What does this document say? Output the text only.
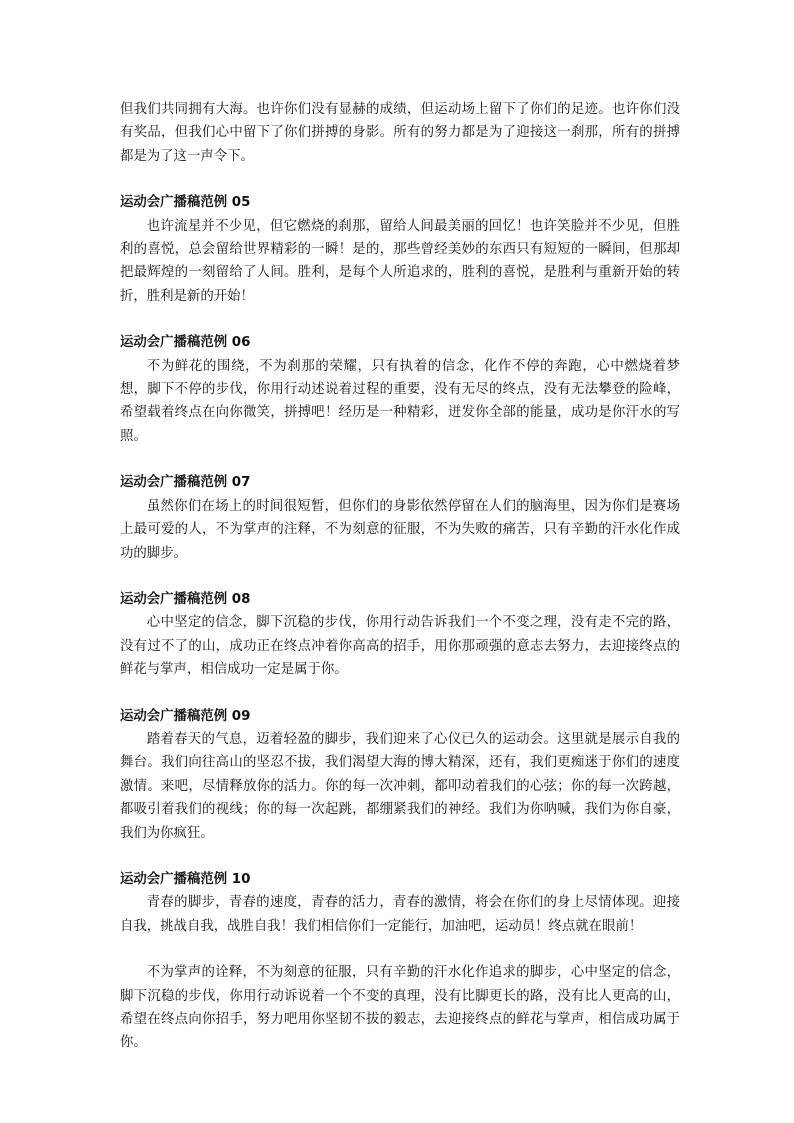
但我们共同拥有大海。也许你们没有显赫的成绩，但运动场上留下了你们的足迹。也许你们没有奖品，但我们心中留下了你们拼搏的身影。所有的努力都是为了迎接这一刹那，所有的拼搏都是为了这一声令下。

运动会广播稿范例 05

也许流星并不少见，但它燃烧的刹那，留给人间最美丽的回忆！也许笑脸并不少见，但胜利的喜悦，总会留给世界精彩的一瞬！是的，那些曾经美妙的东西只有短短的一瞬间，但那却把最辉煌的一刻留给了人间。胜利，是每个人所追求的，胜利的喜悦，是胜利与重新开始的转折，胜利是新的开始！

运动会广播稿范例 06

不为鲜花的围绕，不为刹那的荣耀，只有执着的信念，化作不停的奔跑，心中燃烧着梦想，脚下不停的步伐，你用行动述说着过程的重要，没有无尽的终点，没有无法攀登的险峰，希望载着终点在向你微笑，拼搏吧！经历是一种精彩，迸发你全部的能量，成功是你汗水的写照。

运动会广播稿范例 07

虽然你们在场上的时间很短暂，但你们的身影依然停留在人们的脑海里，因为你们是赛场上最可爱的人，不为掌声的注释，不为刻意的征服，不为失败的痛苦，只有辛勤的汗水化作成功的脚步。

运动会广播稿范例 08

心中坚定的信念，脚下沉稳的步伐，你用行动告诉我们一个不变之理，没有走不完的路，没有过不了的山，成功正在终点冲着你高高的招手，用你那顽强的意志去努力，去迎接终点的鲜花与掌声，相信成功一定是属于你。

运动会广播稿范例 09

踏着春天的气息，迈着轻盈的脚步，我们迎来了心仪已久的运动会。这里就是展示自我的舞台。我们向往高山的坚忍不拔，我们渴望大海的博大精深，还有，我们更痴迷于你们的速度激情。来吧，尽情释放你的活力。你的每一次冲刺，都叩动着我们的心弦；你的每一次跨越，都吸引着我们的视线；你的每一次起跳，都绷紧我们的神经。我们为你呐喊，我们为你自豪，我们为你疯狂。

运动会广播稿范例 10

青春的脚步，青春的速度，青春的活力，青春的激情，将会在你们的身上尽情体现。迎接自我，挑战自我，战胜自我！我们相信你们一定能行，加油吧，运动员！终点就在眼前！

不为掌声的诠释，不为刻意的征服，只有辛勤的汗水化作追求的脚步，心中坚定的信念，脚下沉稳的步伐，你用行动诉说着一个不变的真理，没有比脚更长的路，没有比人更高的山，希望在终点向你招手，努力吧用你坚韧不拔的毅志，去迎接终点的鲜花与掌声，相信成功属于你。
